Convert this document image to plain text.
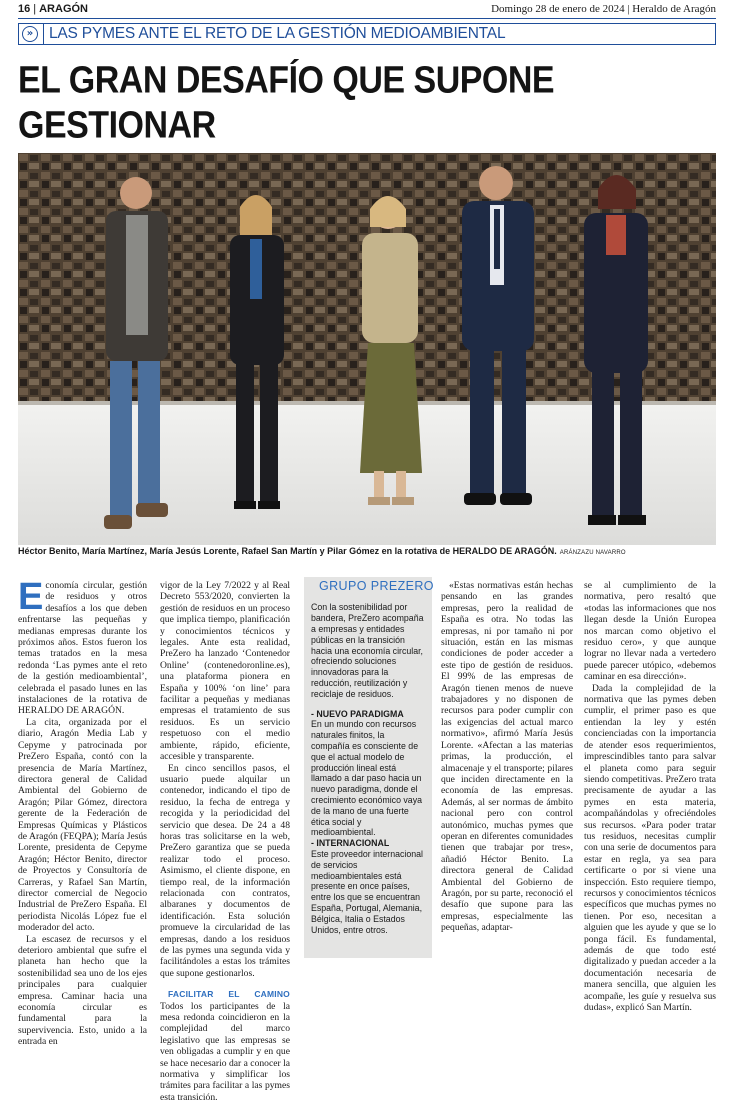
16 | ARAGÓN	Domingo 28 de enero de 2024 | Heraldo de Aragón
»	LAS PYMES ANTE EL RETO DE LA GESTIÓN MEDIOAMBIENTAL
EL GRAN DESAFÍO QUE SUPONE GESTIONAR
Héctor Benito, María Martínez, María Jesús Lorente, Rafael San Martín y Pilar Gómez en la rotativa de HERALDO DE ARAGÓN. ARÁNZAZU NAVARRO

Economía circular, gestión de residuos y otros desafíos a los que deben enfrentarse las pequeñas y medianas empresas durante los próximos años. Estos fueron los temas tratados en la mesa redonda ‘Las pymes ante el reto de la gestión medioambiental’, celebrada el pasado lunes en las instalaciones de la rotativa de HERALDO DE ARAGÓN.

La cita, organizada por el diario, Aragón Media Lab y Cepyme y patrocinada por PreZero España, contó con la presencia de María Martínez, directora general de Calidad Ambiental del Gobierno de Aragón; Pilar Gómez, directora gerente de la Federación de Empresas Químicas y Plásticos de Aragón (FEQPA); María Jesús Lorente, presidenta de Cepyme Aragón; Héctor Benito, director de Proyectos y Consultoría de Carreras, y Rafael San Martín, director comercial de Negocio Industrial de PreZero España. El periodista Nicolás López fue el moderador del acto.

La escasez de recursos y el deterioro ambiental que sufre el planeta han hecho que la sostenibilidad sea uno de los ejes principales para cualquier empresa. Caminar hacia una economía circular es fundamental para la supervivencia. Esto, unido a la entrada en

vigor de la Ley 7/2022 y al Real Decreto 553/2020, convierten la gestión de residuos en un proceso que implica tiempo, planificación y conocimientos técnicos y legales. Ante esta realidad, PreZero ha lanzado ‘Contenedor Online’ (contenedoronline.es), una plataforma pionera en España y 100% ‘on line’ para facilitar a pequeñas y medianas empresas el tratamiento de sus residuos. Es un servicio respetuoso con el medio ambiente, rápido, eficiente, accesible y transparente.

En cinco sencillos pasos, el usuario puede alquilar un contenedor, indicando el tipo de residuo, la fecha de entrega y recogida y la periodicidad del servicio que desea. De 24 a 48 horas tras solicitarse en la web, PreZero garantiza que se pueda realizar todo el proceso. Asimismo, el cliente dispone, en tiempo real, de la información relacionada con contratos, albaranes y documentos de identificación. Esta solución promueve la circularidad de las empresas, dando a los residuos de las pymes una segunda vida y facilitándoles a estas los trámites que supone gestionarlos.

FACILITAR EL CAMINO Todos los participantes de la mesa redonda coincidieron en la complejidad del marco legislativo que las empresas se ven obligadas a cumplir y en que se hace necesario dar a conocer la normativa y simplificar los trámites para facilitar a las pymes esta transición.

GRUPO PREZERO

Con la sostenibilidad por bandera, PreZero acompaña a empresas y entidades públicas en la transición hacia una economía circular, ofreciendo soluciones innovadoras para la reducción, reutilización y reciclaje de residuos.

- NUEVO PARADIGMA

En un mundo con recursos naturales finitos, la compañía es consciente de que el actual modelo de producción lineal está llamado a dar paso hacia un nuevo paradigma, donde el crecimiento económico vaya de la mano de una fuerte ética social y medioambiental.

- INTERNACIONAL

Este proveedor internacional de servicios medioambientales está presente en once países, entre los que se encuentran España, Portugal, Alemania, Bélgica, Italia o Estados Unidos, entre otros.

«Estas normativas están hechas pensando en las grandes empresas, pero la realidad de España es otra. No todas las empresas, ni por tamaño ni por situación, están en las mismas condiciones de poder acceder a este tipo de gestión de residuos. El 99% de las empresas de Aragón tienen menos de nueve trabajadores y no disponen de recursos para poder cumplir con las exigencias del actual marco normativo», afirmó María Jesús Lorente. «Afectan a las materias primas, la producción, el almacenaje y el transporte; pilares que inciden directamente en la economía de las empresas. Además, al ser normas de ámbito nacional pero con control autonómico, muchas pymes que operan en diferentes comunidades tienen que trabajar por tres», añadió Héctor Benito. La directora general de Calidad Ambiental del Gobierno de Aragón, por su parte, reconoció el desafío que supone para las empresas, especialmente las pequeñas, adaptar-

se al cumplimiento de la normativa, pero resaltó que «todas las informaciones que nos llegan desde la Unión Europea nos marcan como objetivo el residuo cero», y que aunque lograr no llevar nada a vertedero puede parecer utópico, «debemos caminar en esa dirección».

Dada la complejidad de la normativa que las pymes deben cumplir, el primer paso es que entiendan la ley y estén concienciadas con la importancia de atender esos requerimientos, imprescindibles tanto para salvar el planeta como para seguir siendo competitivas. PreZero trata precisamente de ayudar a las pymes en esta materia, acompañándolas y ofreciéndoles sus recursos. «Para poder tratar tus residuos, necesitas cumplir con una serie de documentos para estar en regla, ya sea para certificarte o por si viene una inspección. Esto requiere tiempo, recursos y conocimientos técnicos específicos que muchas pymes no tienen. Por eso, necesitan a alguien que les ayude y que se lo ponga fácil. Es fundamental, además de que todo esté digitalizado y puedan acceder a la documentación necesaria de manera sencilla, que alguien les acompañe, les guíe y resuelva sus dudas», explicó San Martín.
